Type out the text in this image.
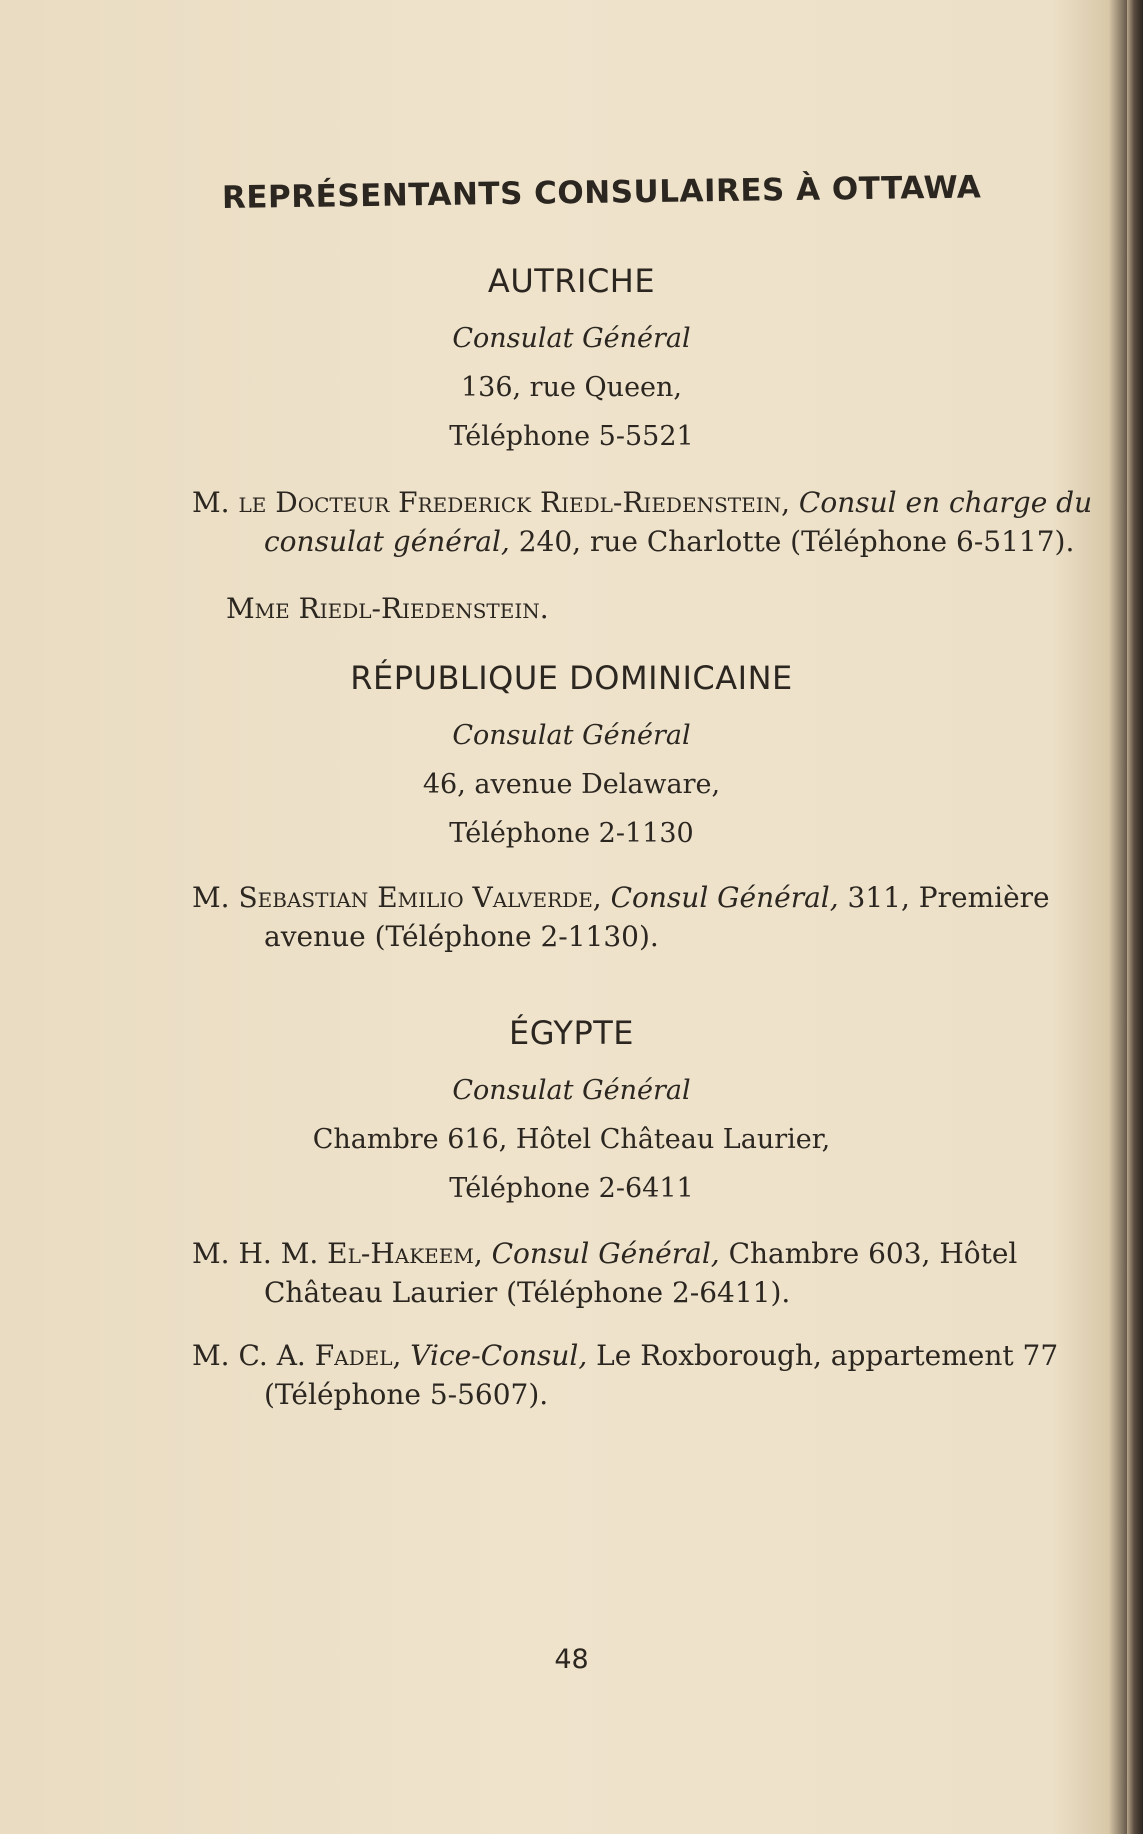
REPRÉSENTANTS CONSULAIRES À OTTAWA
AUTRICHE
Consulat Général
136, rue Queen,
Téléphone 5-5521
M. le Docteur Frederick Riedl-Riedenstein, Consul en charge du consulat général, 240, rue Charlotte (Téléphone 6-5117).
Mme Riedl-Riedenstein.
RÉPUBLIQUE DOMINICAINE
Consulat Général
46, avenue Delaware,
Téléphone 2-1130
M. Sebastian Emilio Valverde, Consul Général, 311, Première avenue (Téléphone 2-1130).
ÉGYPTE
Consulat Général
Chambre 616, Hôtel Château Laurier,
Téléphone 2-6411
M. H. M. El-Hakeem, Consul Général, Chambre 603, Hôtel Château Laurier (Téléphone 2-6411).
M. C. A. Fadel, Vice-Consul, Le Roxborough, appartement 77 (Téléphone 5-5607).
48
